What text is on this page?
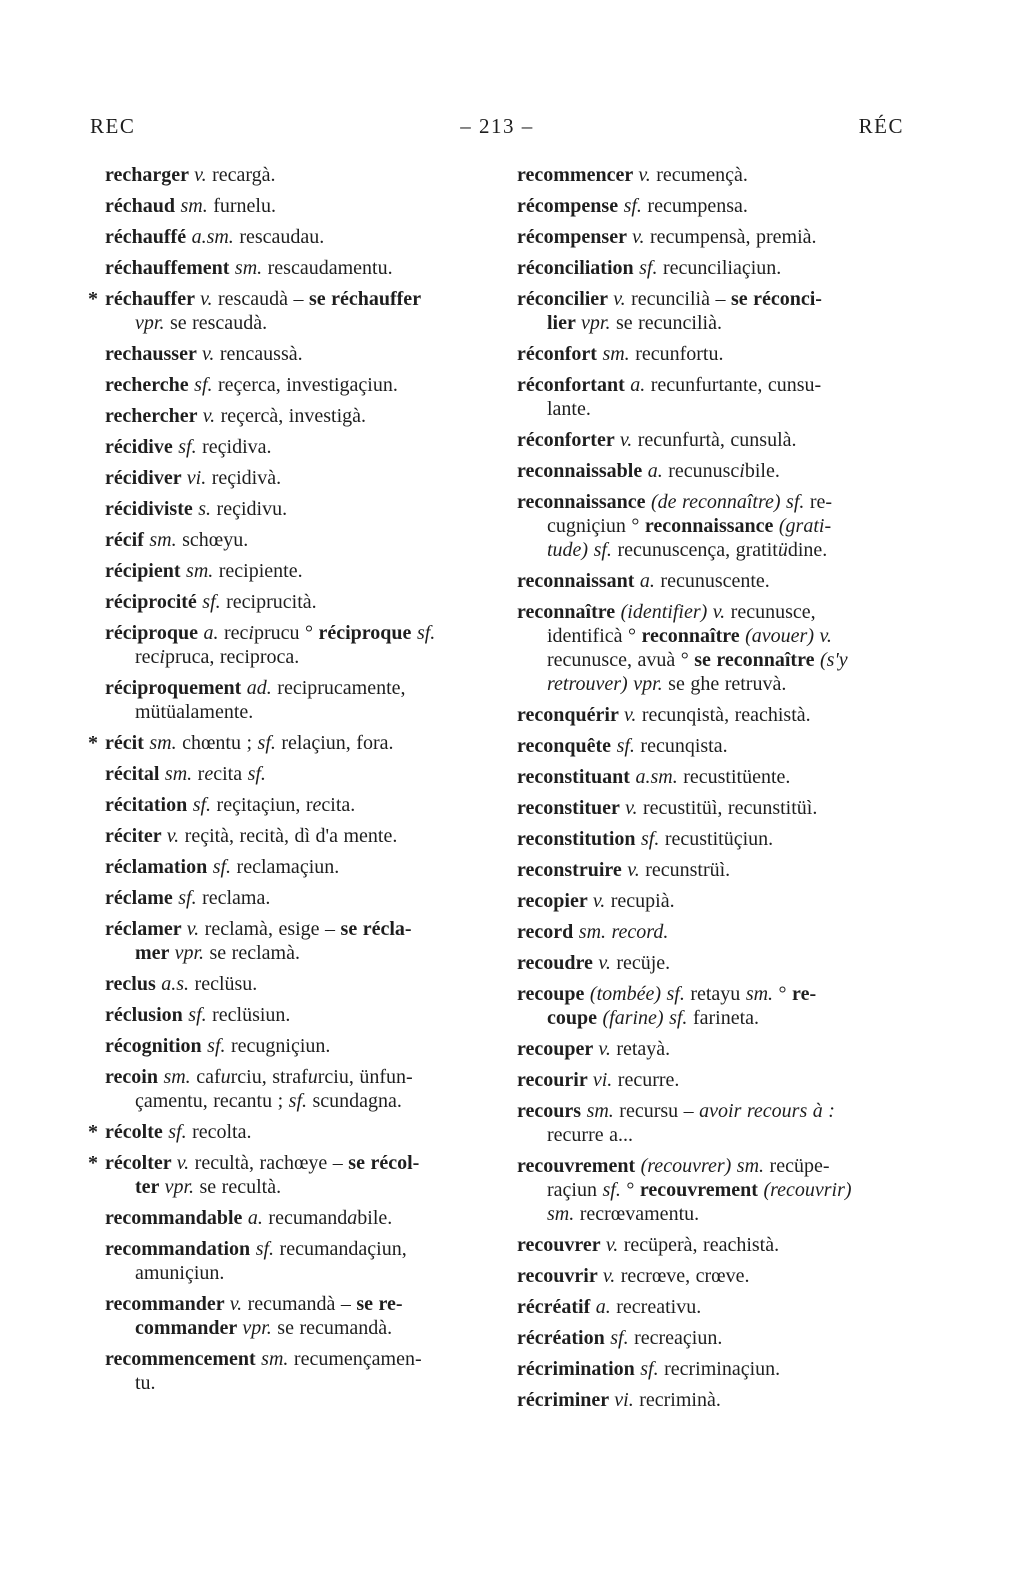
REC	– 213 –	RÉC

recharger v. recargà.

réchaud sm. furnelu.

réchauffé a.sm. rescaudau.

réchauffement sm. rescaudamentu.

* réchauffer v. rescaudà – se réchauffer
vpr. se rescaudà.

rechausser v. rencaussà.

recherche sf. reçerca, investigaçiun.

rechercher v. reçercà, investigà.

récidive sf. reçidiva.

récidiver vi. reçidivà.

récidiviste s. reçidivu.

récif sm. schœyu.

récipient sm. recipiente.

réciprocité sf. reciprucità.

réciproque a. reciprucu ° réciproque sf.
recipruca, reciproca.

réciproquement ad. reciprucamente,
mütüalamente.

* récit sm. chœntu ; sf. relaçiun, fora.

récital sm. recita sf.

récitation sf. reçitaçiun, recita.

réciter v. reçità, recità, dì d'a mente.

réclamation sf. reclamaçiun.

réclame sf. reclama.

réclamer v. reclamà, esige – se récla-
mer vpr. se reclamà.

reclus a.s. reclüsu.

réclusion sf. reclüsiun.

récognition sf. recugniçiun.

recoin sm. cafurciu, strafurciu, ünfun-
çamentu, recantu ; sf. scundagna.

* récolte sf. recolta.

* récolter v. recultà, rachœye – se récol-
ter vpr. se recultà.

recommandable a. recumandabile.

recommandation sf. recumandaçiun,
amuniçiun.

recommander v. recumandà – se re-
commander vpr. se recumandà.

recommencement sm. recumençamen-
tu.

recommencer v. recumençà.

récompense sf. recumpensa.

récompenser v. recumpensà, premià.

réconciliation sf. recunciliaçiun.

réconcilier v. recuncilià – se réconci-
lier vpr. se recuncilià.

réconfort sm. recunfortu.

réconfortant a. recunfurtante, cunsu-
lante.

réconforter v. recunfurtà, cunsulà.

reconnaissable a. recunuscibile.

reconnaissance (de reconnaître) sf. re-
cugniçiun ° reconnaissance (grati-
tude) sf. recunuscença, gratitüdine.

reconnaissant a. recunuscente.

reconnaître (identifier) v. recunusce,
identificà ° reconnaître (avouer) v.
recunusce, avuà ° se reconnaître (s'y
retrouver) vpr. se ghe retruvà.

reconquérir v. recunqistà, reachistà.

reconquête sf. recunqista.

reconstituant a.sm. recustitüente.

reconstituer v. recustitüì, recunstitüì.

reconstitution sf. recustitüçiun.

reconstruire v. recunstrüì.

recopier v. recupià.

record sm. record.

recoudre v. recüje.

recoupe (tombée) sf. retayu sm. ° re-
coupe (farine) sf. farineta.

recouper v. retayà.

recourir vi. recurre.

recours sm. recursu – avoir recours à :
recurre a...

recouvrement (recouvrer) sm. recüpe-
raçiun sf. ° recouvrement (recouvrir)
sm. recrœvamentu.

recouvrer v. recüperà, reachistà.

recouvrir v. recrœve, crœve.

récréatif a. recreativu.

récréation sf. recreaçiun.

récrimination sf. recriminaçiun.

récriminer vi. recriminà.
